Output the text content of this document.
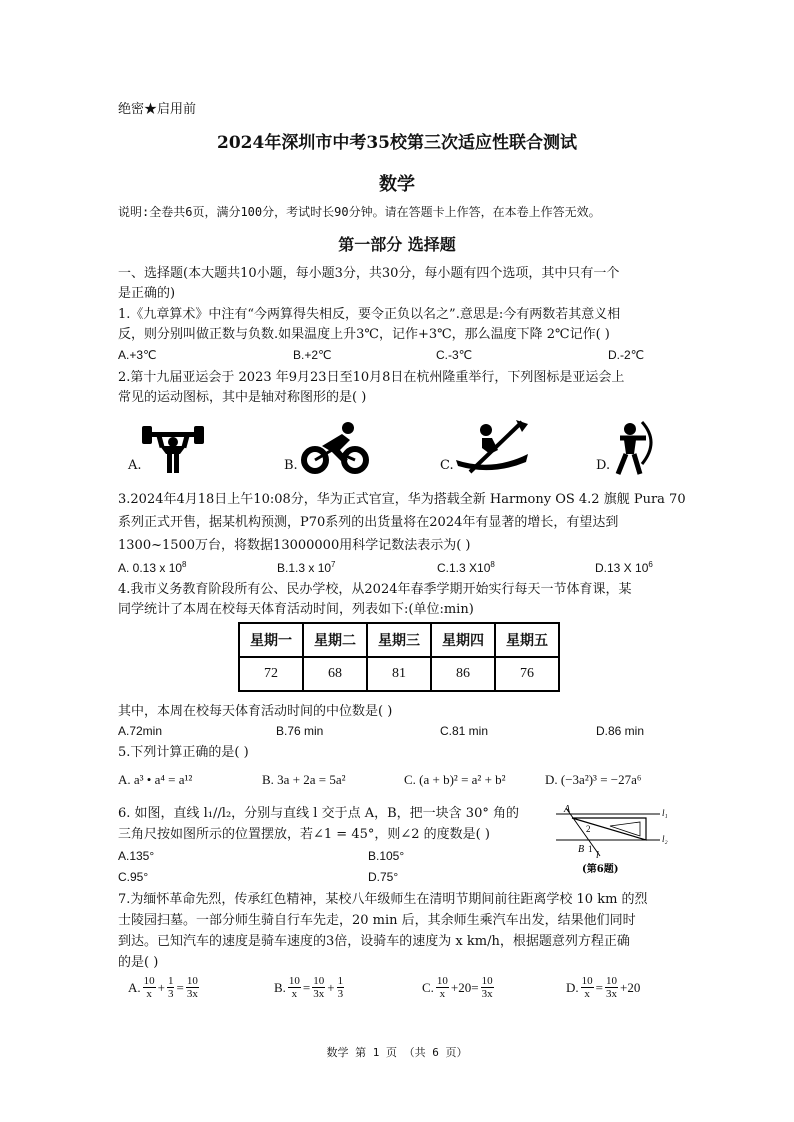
绝密★启用前
2024年深圳市中考35校第三次适应性联合测试
数学
说明:全卷共6页，满分100分，考试时长90分钟。请在答题卡上作答，在本卷上作答无效。
第一部分 选择题
一、选择题(本大题共10小题，每小题3分，共30分，每小题有四个选项，其中只有一个
是正确的)
1.《九章算术》中注有“今两算得失相反，要令正负以名之”.意思是:今有两数若其意义相
反，则分别叫做正数与负数.如果温度上升3℃，记作+3℃，那么温度下降 2℃记作( )
A.+3℃	B.+2℃	C.-3℃	D.-2℃
2.第十九届亚运会于 2023 年9月23日至10月8日在杭州隆重举行，下列图标是亚运会上
常见的运动图标，其中是轴对称图形的是( )
A.	B.	C.	D.
3.2024年4月18日上午10:08分，华为正式官宣，华为搭载全新 Harmony OS 4.2 旗舰 Pura 70
系列正式开售，据某机构预测，P70系列的出货量将在2024年有显著的增长，有望达到
1300~1500万台，将数据13000000用科学记数法表示为( )
A. 0.13 x $10^8$	B.1.3 x $10^7$	C.1.3 $X10^8$	D.13 X $10^6$
4.我市义务教育阶段所有公、民办学校，从2024年春季学期开始实行每天一节体育课，某
同学统计了本周在校每天体育活动时间，列表如下:(单位:min)
星期一	星期二	星期三	星期四	星期五
72	68	81	86	76
其中，本周在校每天体育活动时间的中位数是( )
A.72min	B.76 min	C.81 min	D.86 min
5.下列计算正确的是( )
A. a³ • a⁴ = a¹²	B. 3a + 2a = 5a²	C. (a + b)² = a² + b²	D. (−3a²)³ = −27a⁶
6. 如图，直线 l₁//l₂，分别与直线 l 交于点 A，B，把一块含 30° 角的
三角尺按如图所示的位置摆放，若∠1 = 45°，则∠2 的度数是( )
A.135°	B.105°
C.95°	D.75°
A
2
1
B
l
l₁
l₂
(第6题)
7.为缅怀革命先烈，传承红色精神，某校八年级师生在清明节期间前往距离学校 10 km 的烈
士陵园扫墓。一部分师生骑自行车先走，20 min 后，其余师生乘汽车出发，结果他们同时
到达。已知汽车的速度是骑车速度的3倍，设骑车的速度为 x km/h，根据题意列方程正确
的是( )
A. $\frac{10}{x} + \frac{1}{3} = \frac{10}{3x}$	B. $\frac{10}{x} = \frac{10}{3x} + \frac{1}{3}$	C. $\frac{10}{x} + 20 = \frac{10}{3x}$	D. $\frac{10}{x} = \frac{10}{3x} + 20$
数学 第 1 页 （共 6 页）
